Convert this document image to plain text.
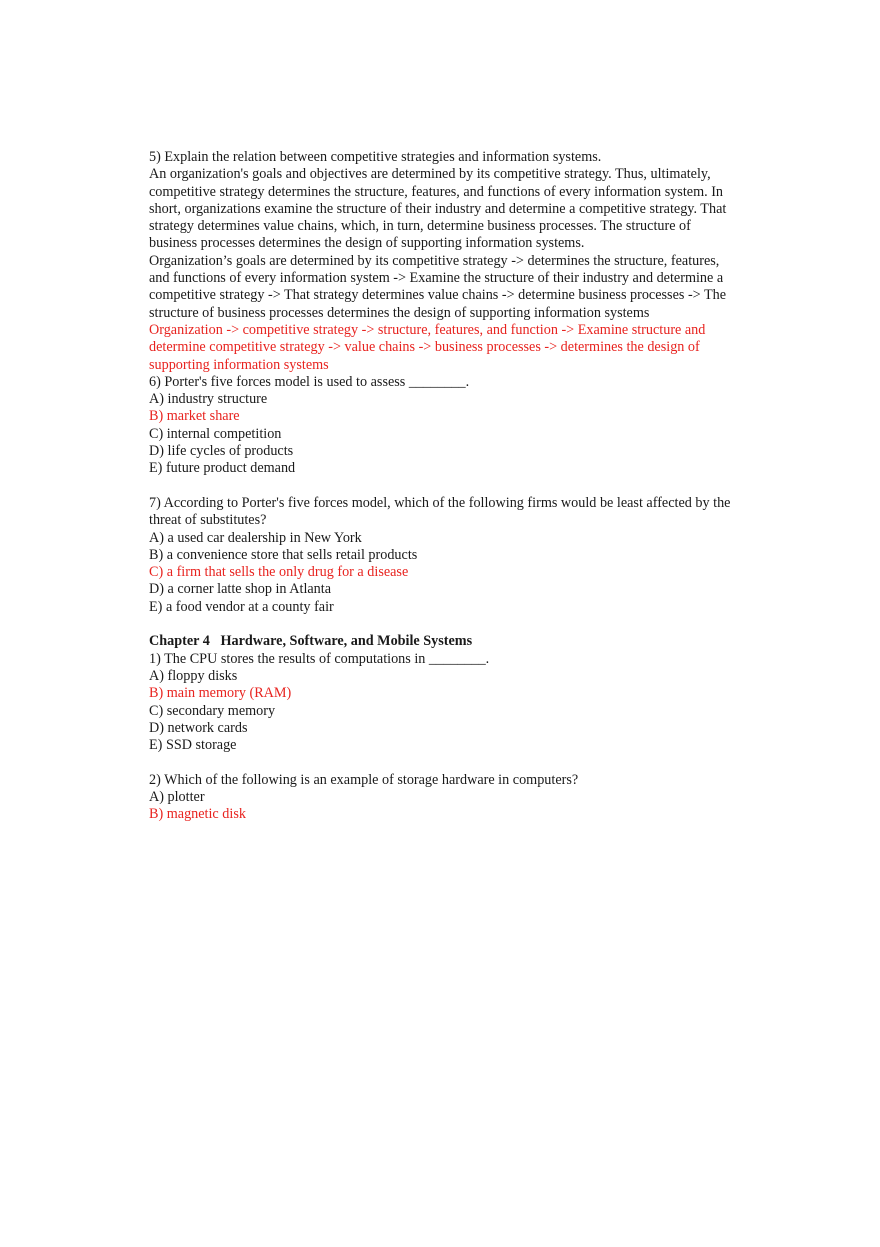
5) Explain the relation between competitive strategies and information systems.

An organization's goals and objectives are determined by its competitive strategy. Thus, ultimately, competitive strategy determines the structure, features, and functions of every information system. In short, organizations examine the structure of their industry and determine a competitive strategy. That strategy determines value chains, which, in turn, determine business processes. The structure of business processes determines the design of supporting information systems.

Organization’s goals are determined by its competitive strategy -> determines the structure, features, and functions of every information system -> Examine the structure of their industry and determine a competitive strategy -> That strategy determines value chains -> determine business processes -> The structure of business processes determines the design of supporting information systems

Organization -> competitive strategy -> structure, features, and function -> Examine structure and determine competitive strategy -> value chains -> business processes -> determines the design of supporting information systems

6) Porter's five forces model is used to assess ________.
A) industry structure
B) market share
C) internal competition
D) life cycles of products
E) future product demand
7) According to Porter's five forces model, which of the following firms would be least affected by the threat of substitutes?
A) a used car dealership in New York
B) a convenience store that sells retail products
C) a firm that sells the only drug for a disease
D) a corner latte shop in Atlanta
E) a food vendor at a county fair

Chapter 4   Hardware, Software, and Mobile Systems

1) The CPU stores the results of computations in ________.
A) floppy disks
B) main memory (RAM)
C) secondary memory
D) network cards
E) SSD storage
2) Which of the following is an example of storage hardware in computers?
A) plotter
B) magnetic disk
